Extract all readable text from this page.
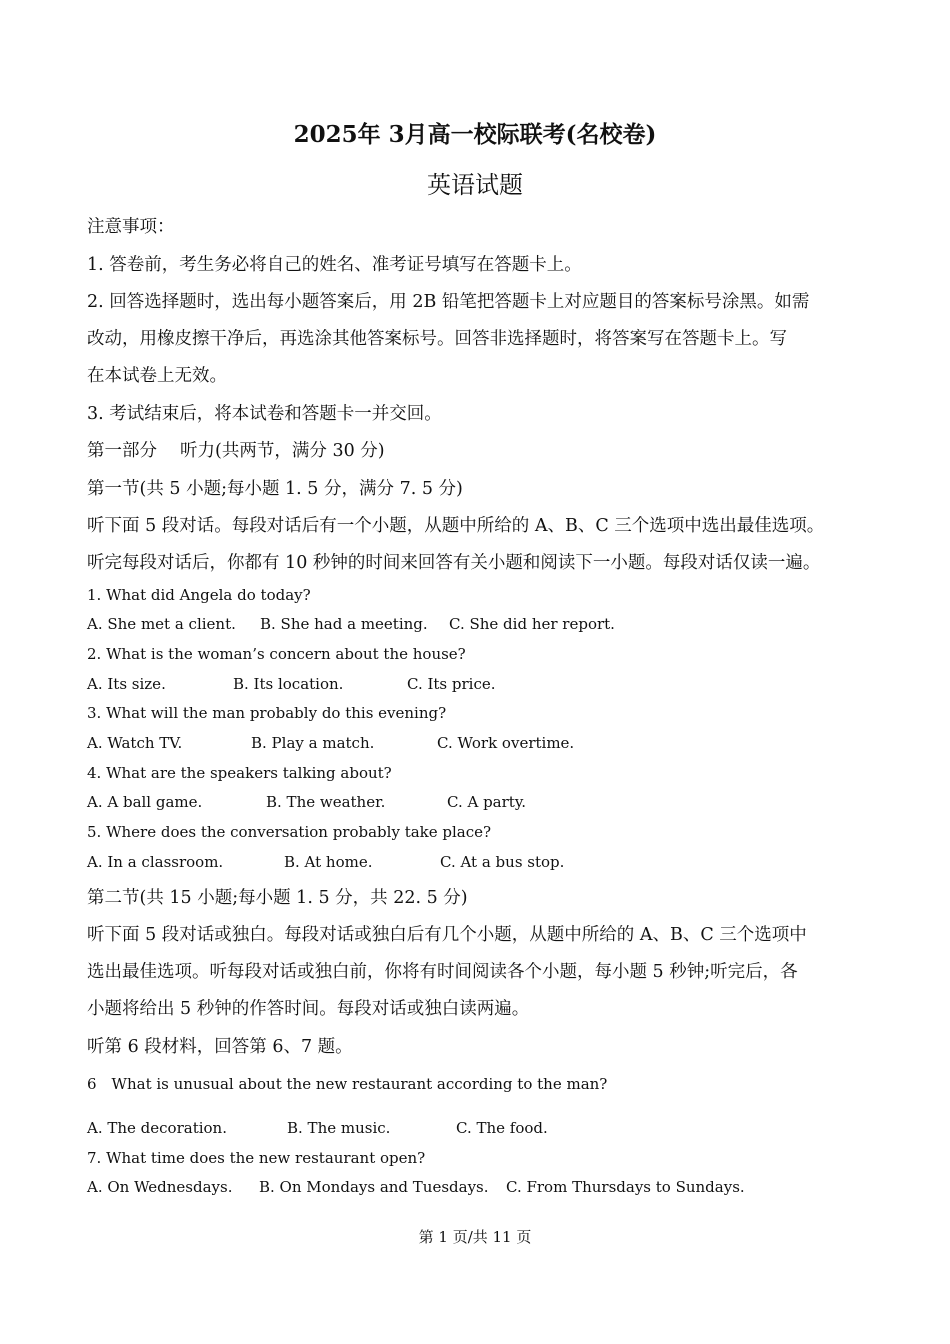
2025年 3月高一校际联考(名校卷)
英语试题
注意事项：
1. 答卷前，考生务必将自己的姓名、准考证号填写在答题卡上。
2. 回答选择题时，选出每小题答案后，用 2B 铅笔把答题卡上对应题目的答案标号涂黑。如需
改动，用橡皮擦干净后，再选涂其他答案标号。回答非选择题时，将答案写在答题卡上。写
在本试卷上无效。
3. 考试结束后，将本试卷和答题卡一并交回。
第一部分　 听力(共两节，满分 30 分)
第一节(共 5 小题;每小题 1. 5 分，满分 7. 5 分)
听下面 5 段对话。每段对话后有一个小题，从题中所给的 A、B、C 三个选项中选出最佳选项。
听完每段对话后，你都有 10 秒钟的时间来回答有关小题和阅读下一小题。每段对话仅读一遍。
1. What did Angela do today?
A. She met a client. B. She had a meeting. C. She did her report.
2. What is the woman’s concern about the house?
A. Its size.	B. Its location.	C. Its price.
3. What will the man probably do this evening?
A. Watch TV.	B. Play a match.	C. Work overtime.
4. What are the speakers talking about?
A. A ball game.	B. The weather.	C. A party.
5. Where does the conversation probably take place?
A. In a classroom.	B. At home.	C. At a bus stop.
第二节(共 15 小题;每小题 1. 5 分，共 22. 5 分)
听下面 5 段对话或独白。每段对话或独白后有几个小题，从题中所给的 A、B、C 三个选项中
选出最佳选项。听每段对话或独白前，你将有时间阅读各个小题，每小题 5 秒钟;听完后，各
小题将给出 5 秒钟的作答时间。每段对话或独白读两遍。
听第 6 段材料，回答第 6、7 题。
6　What is unusual about the new restaurant according to the man?
A. The decoration.	B. The music.	C. The food.
7. What time does the new restaurant open?
A. On Wednesdays. B. On Mondays and Tuesdays. C. From Thursdays to Sundays.
第 1 页/共 11 页
